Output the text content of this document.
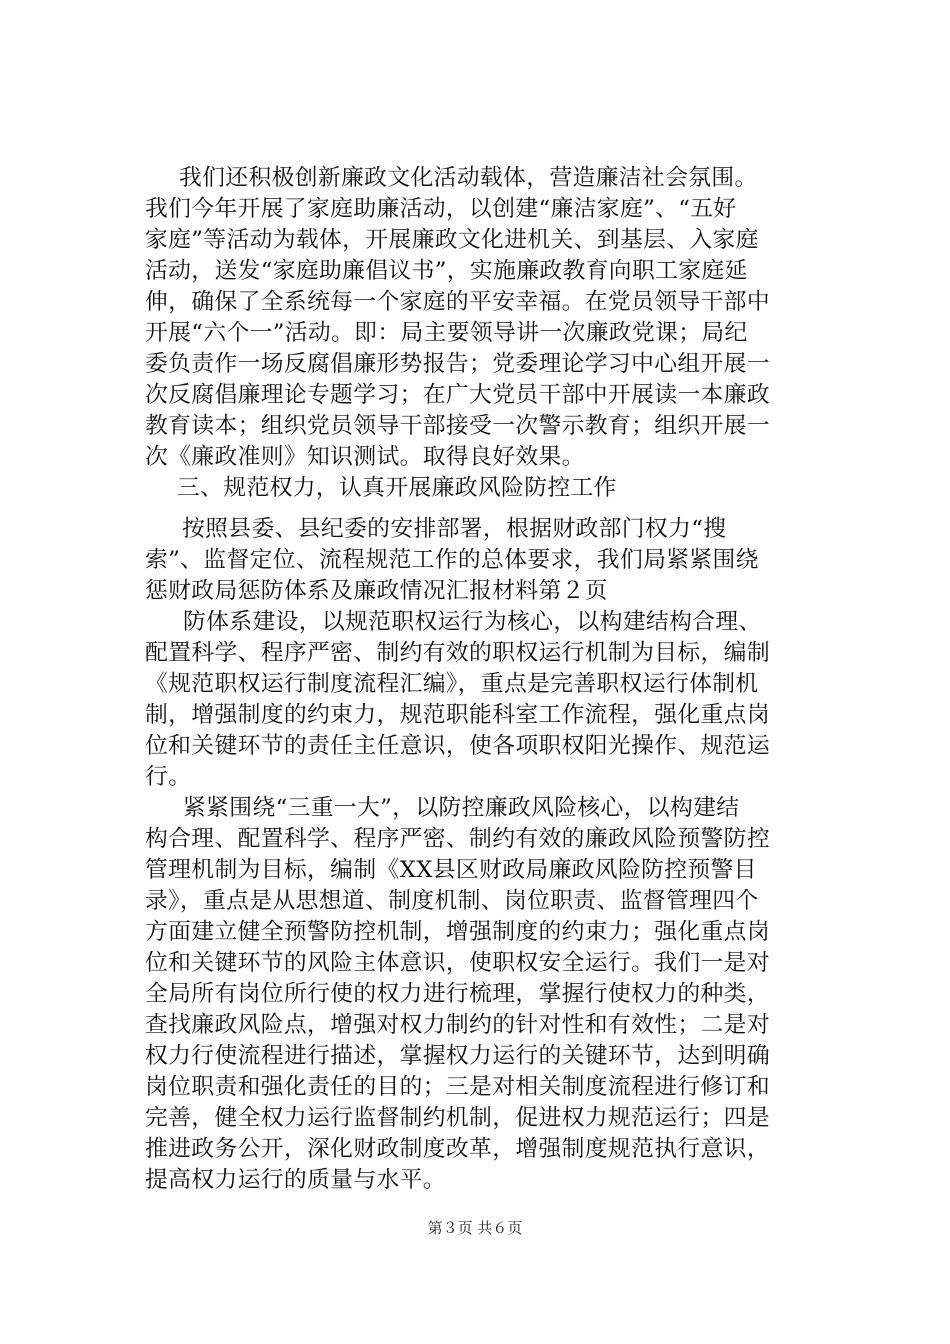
我们还积极创新廉政文化活动载体，营造廉洁社会氛围。
我们今年开展了家庭助廉活动，以创建“廉洁家庭”、“五好
家庭”等活动为载体，开展廉政文化进机关、到基层、入家庭
活动，送发“家庭助廉倡议书”，实施廉政教育向职工家庭延
伸，确保了全系统每一个家庭的平安幸福。在党员领导干部中
开展“六个一”活动。即：局主要领导讲一次廉政党课；局纪
委负责作一场反腐倡廉形势报告；党委理论学习中心组开展一
次反腐倡廉理论专题学习；在广大党员干部中开展读一本廉政
教育读本；组织党员领导干部接受一次警示教育；组织开展一
次《廉政准则》知识测试。取得良好效果。
三、规范权力，认真开展廉政风险防控工作
按照县委、县纪委的安排部署，根据财政部门权力“搜
索”、监督定位、流程规范工作的总体要求，我们局紧紧围绕
惩财政局惩防体系及廉政情况汇报材料第２页
防体系建设，以规范职权运行为核心，以构建结构合理、
配置科学、程序严密、制约有效的职权运行机制为目标，编制
《规范职权运行制度流程汇编》，重点是完善职权运行体制机
制，增强制度的约束力，规范职能科室工作流程，强化重点岗
位和关键环节的责任主任意识，使各项职权阳光操作、规范运
行。
紧紧围绕“三重一大”，以防控廉政风险核心，以构建结
构合理、配置科学、程序严密、制约有效的廉政风险预警防控
管理机制为目标，编制《XX县区财政局廉政风险防控预警目
录》，重点是从思想道、制度机制、岗位职责、监督管理四个
方面建立健全预警防控机制，增强制度的约束力；强化重点岗
位和关键环节的风险主体意识，使职权安全运行。我们一是对
全局所有岗位所行使的权力进行梳理，掌握行使权力的种类，
查找廉政风险点，增强对权力制约的针对性和有效性；二是对
权力行使流程进行描述，掌握权力运行的关键环节，达到明确
岗位职责和强化责任的目的；三是对相关制度流程进行修订和
完善，健全权力运行监督制约机制，促进权力规范运行；四是
推进政务公开，深化财政制度改革，增强制度规范执行意识，
提高权力运行的质量与水平。
第３页 共６页
